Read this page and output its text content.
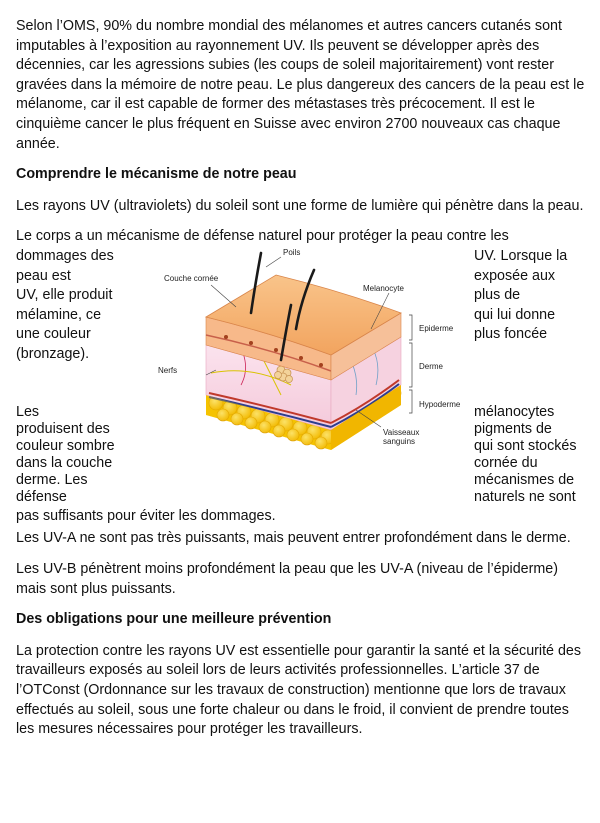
Selon l’OMS, 90% du nombre mondial des mélanomes et autres cancers cutanés sont imputables à l’exposition au rayonnement UV. Ils peuvent se développer après des décennies, car les agressions subies (les coups de soleil majoritairement) vont rester gravées dans la mémoire de notre peau. Le plus dangereux des cancers de la peau est le mélanome, car il est capable de former des métastases très précocement. Il est le cinquième cancer le plus fréquent en Suisse avec environ 2700 nouveaux cas chaque année.

Comprendre le mécanisme de notre peau

Les rayons UV (ultraviolets) du soleil sont une forme de lumière qui pénètre dans la peau.

Le corps a un mécanisme de défense naturel pour protéger la peau contre les
dommages des
peau est
UV, elle produit
mélamine, ce
une couleur
(bronzage).
Les
produisent des
couleur sombre
dans la couche
derme. Les
défense
UV. Lorsque la
exposée aux
plus de
qui lui donne
plus foncée
mélanocytes
pigments de
qui sont stockés
cornée du
mécanismes de
naturels ne sont
pas suffisants pour éviter les dommages.
Poils
Melanocyte
Couche cornée
Epiderme
Derme
Nerfs
Hypoderme
Vaisseaux
sanguins

Les UV-A ne sont pas très puissants, mais peuvent entrer profondément dans le derme.

Les UV-B pénètrent moins profondément la peau que les UV-A (niveau de l’épiderme) mais sont plus puissants.

Des obligations pour une meilleure prévention

La protection contre les rayons UV est essentielle pour garantir la santé et la sécurité des travailleurs exposés au soleil lors de leurs activités professionnelles. L’article 37 de l’OTConst (Ordonnance sur les travaux de construction) mentionne que lors de travaux effectués au soleil, sous une forte chaleur ou dans le froid, il convient de prendre toutes les mesures nécessaires pour protéger les travailleurs.
